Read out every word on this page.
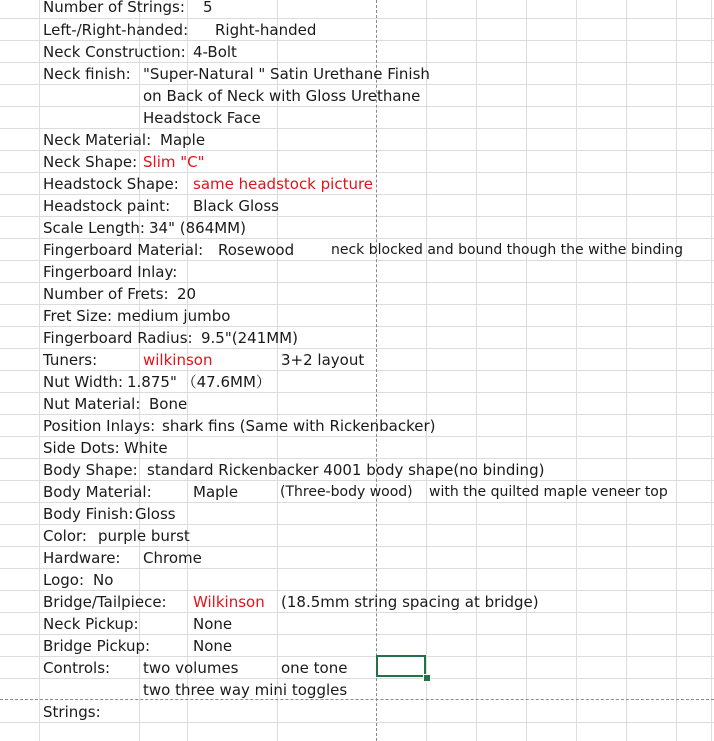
Number of Strings: 5
Left-/Right-handed: Right-handed
Neck Construction: 4-Bolt
Neck finish: "Super-Natural " Satin Urethane Finish
on Back of Neck with Gloss Urethane
Headstock Face
Neck Material: Maple
Neck Shape: Slim "C"
Headstock Shape: same headstock picture
Headstock paint: Black Gloss
Scale Length: 34" (864MM)
Fingerboard Material: Rosewood	neck blocked and bound though the withe binding
Fingerboard Inlay:
Number of Frets: 20
Fret Size: medium jumbo
Fingerboard Radius: 9.5"(241MM)
Tuners:	wilkinson	3+2 layout
Nut Width: 1.875" （47.6MM）
Nut Material: Bone
Position Inlays: shark fins (Same with Rickenbacker)
Side Dots: White
Body Shape: standard Rickenbacker 4001 body shape(no binding)
Body Material:	Maple	(Three-body wood) with the quilted maple veneer top
Body Finish: Gloss
Color: purple burst
Hardware: Chrome
Logo: No
Bridge/Tailpiece: Wilkinson (18.5mm string spacing at bridge)
Neck Pickup:	None
Bridge Pickup:	None
Controls: two volumes	one tone
two three way mini toggles
Strings:
